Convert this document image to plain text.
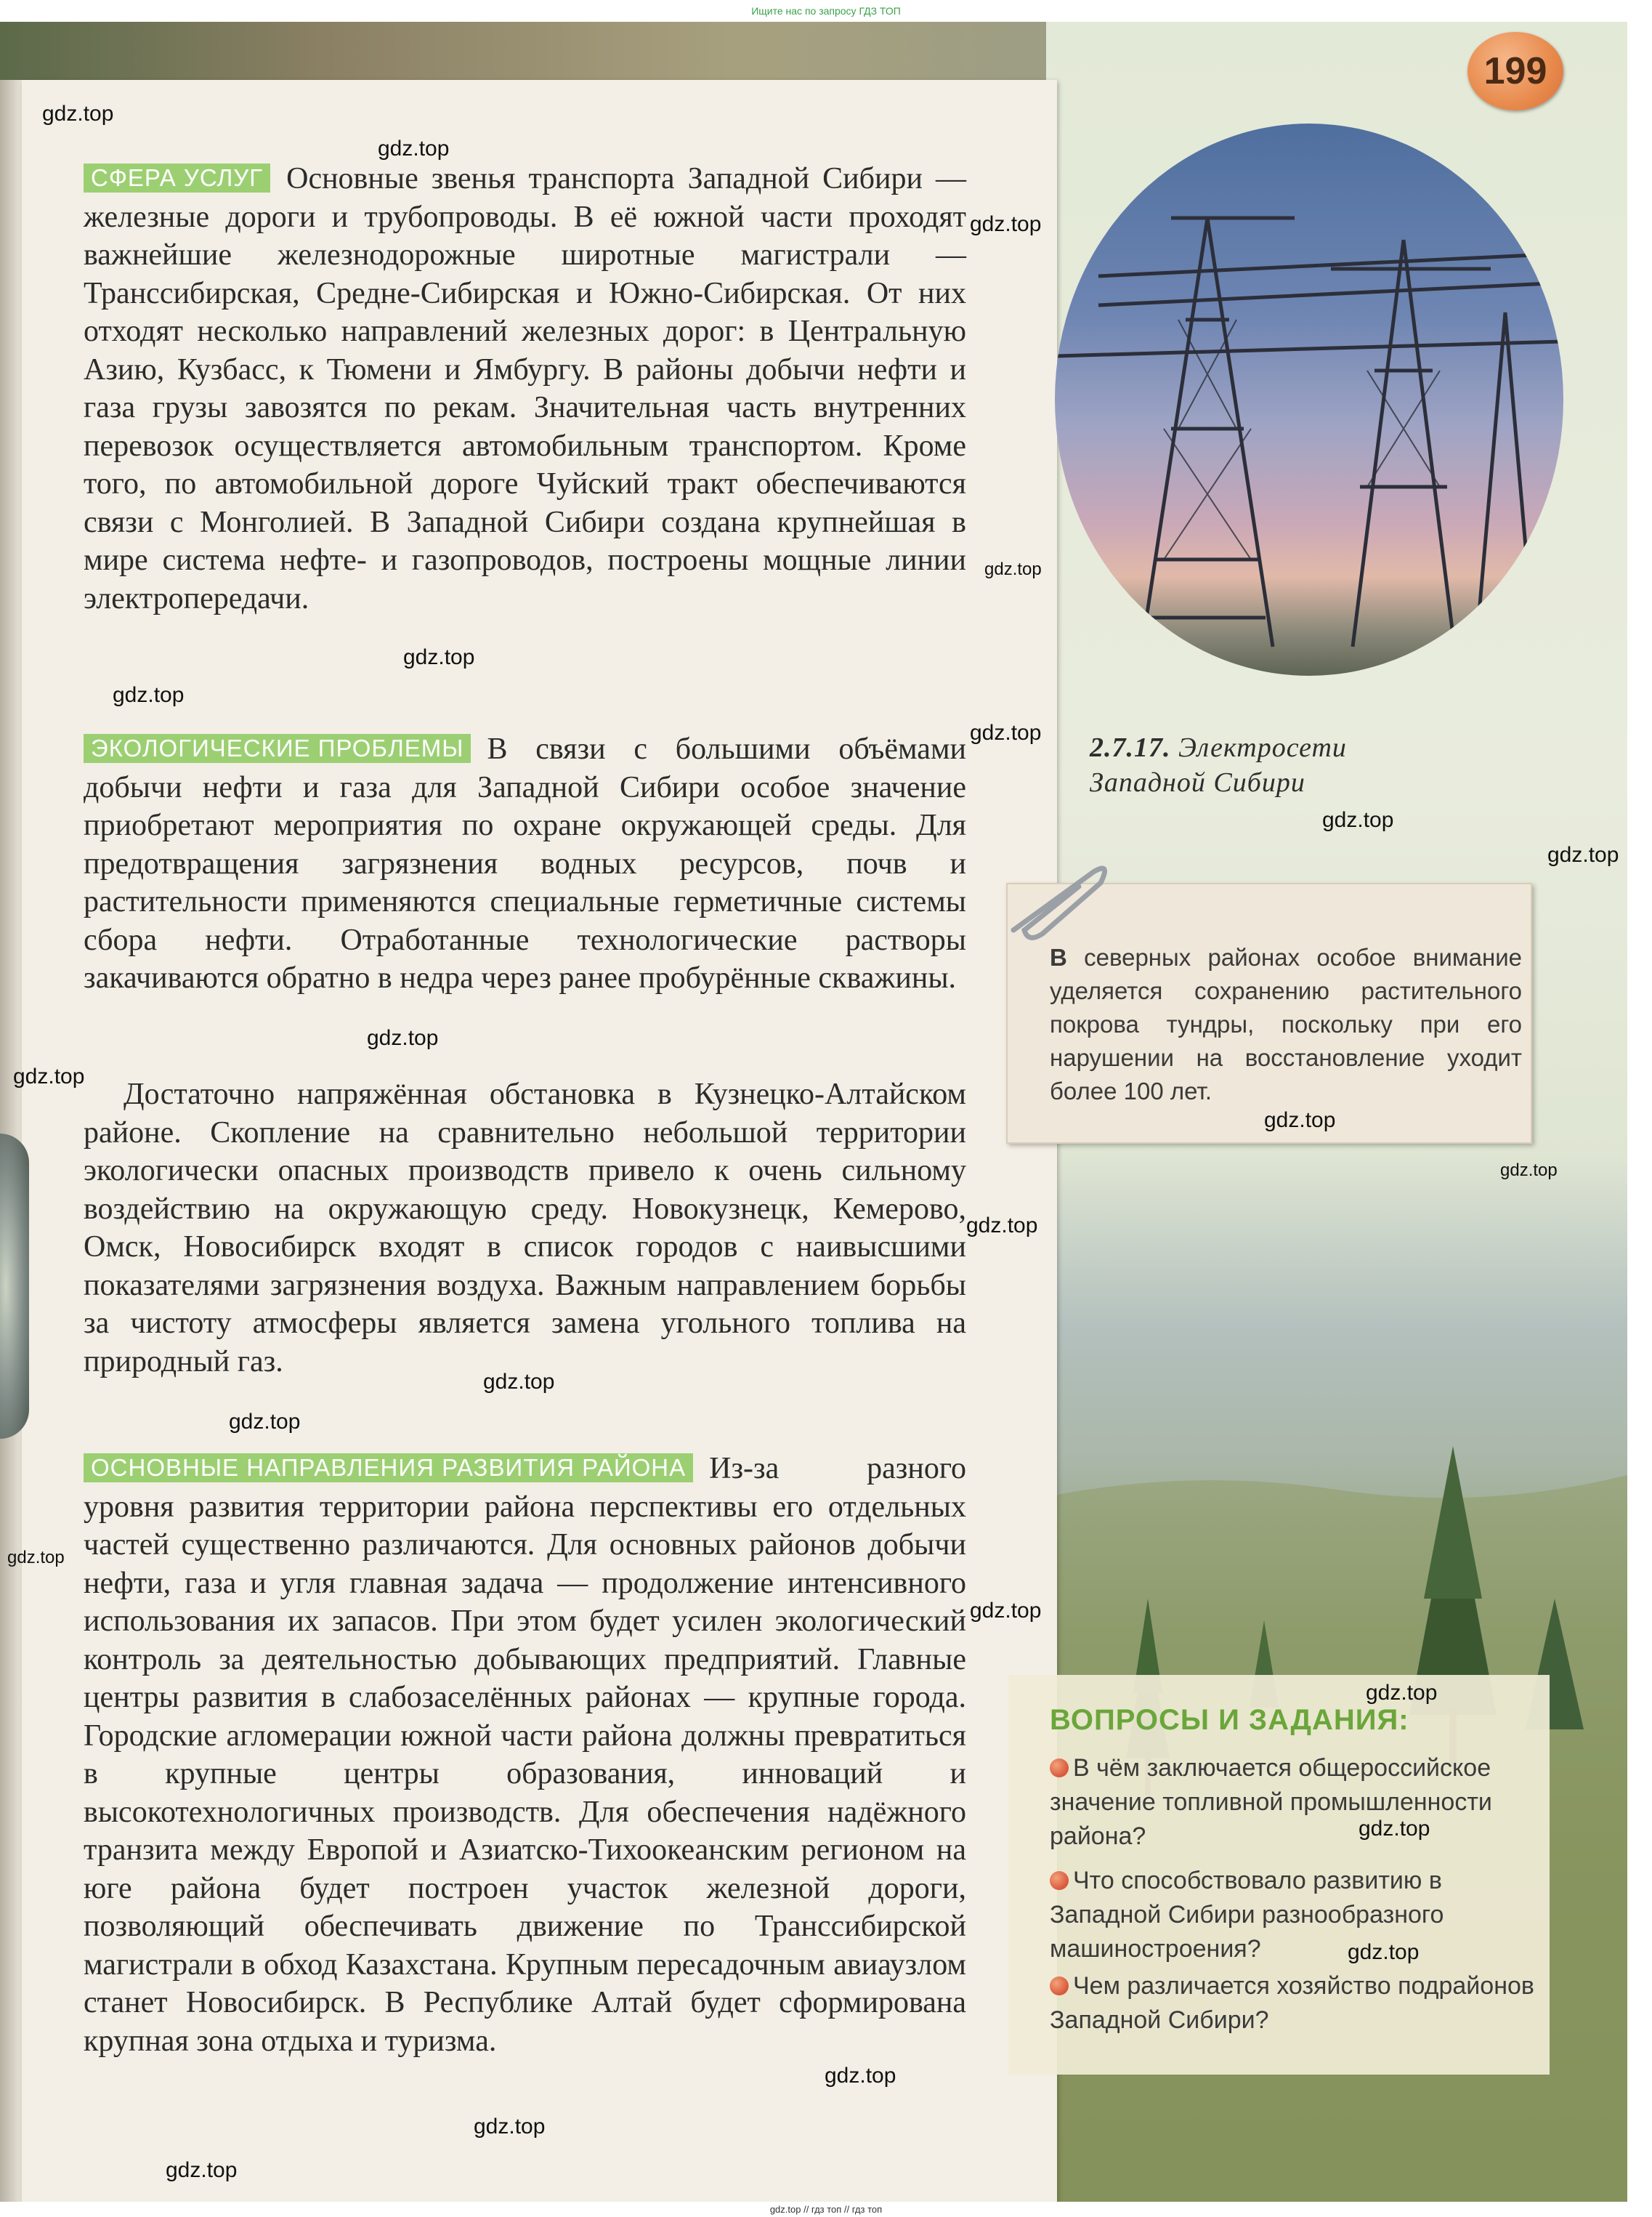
Ищите нас по запросу ГДЗ ТОП
199
СФЕРА УСЛУГ Основные звенья транспорта Западной Сибири — железные дороги и трубопроводы. В её южной части проходят важнейшие железнодорожные широтные магистрали — Транссибирская, Средне-Сибирская и Южно-Сибирская. От них отходят несколько направлений железных дорог: в Центральную Азию, Кузбасс, к Тюмени и Ямбургу. В районы добычи нефти и газа грузы завозятся по рекам. Значительная часть внутренних перевозок осуществляется автомобильным транспортом. Кроме того, по автомобильной дороге Чуйский тракт обеспечиваются связи с Монголией. В Западной Сибири создана крупнейшая в мире система нефте- и газопроводов, построены мощные линии электропередачи.
ЭКОЛОГИЧЕСКИЕ ПРОБЛЕМЫ В связи с большими объёмами добычи нефти и газа для Западной Сибири особое значение приобретают мероприятия по охране окружающей среды. Для предотвращения загрязнения водных ресурсов, почв и растительности применяются специальные герметичные системы сбора нефти. Отработанные технологические растворы закачиваются обратно в недра через ранее пробурённые скважины.
Достаточно напряжённая обстановка в Кузнецко-Алтайском районе. Скопление на сравнительно небольшой территории экологически опасных производств привело к очень сильному воздействию на окружающую среду. Новокузнецк, Кемерово, Омск, Новосибирск входят в список городов с наивысшими показателями загрязнения воздуха. Важным направлением борьбы за чистоту атмосферы является замена угольного топлива на природный газ.
ОСНОВНЫЕ НАПРАВЛЕНИЯ РАЗВИТИЯ РАЙОНА Из-за разного уровня развития территории района перспективы его отдельных частей существенно различаются. Для основных районов добычи нефти, газа и угля главная задача — продолжение интенсивного использования их запасов. При этом будет усилен экологический контроль за деятельностью добывающих предприятий. Главные центры развития в слабозаселённых районах — крупные города. Городские агломерации южной части района должны превратиться в крупные центры образования, инноваций и высокотехнологичных производств. Для обеспечения надёжного транзита между Европой и Азиатско-Тихоокеанским регионом на юге района будет построен участок железной дороги, позволяющий обеспечивать движение по Транссибирской магистрали в обход Казахстана. Крупным пересадочным авиаузлом станет Новосибирск. В Республике Алтай будет сформирована крупная зона отдыха и туризма.
2.7.17. Электросети
Западной Сибири
В северных районах особое внимание уделяется сохранению растительного покрова тундры, поскольку при его нарушении на восстановление уходит более 100 лет.
ВОПРОСЫ И ЗАДАНИЯ:
В чём заключается общероссийское значение топливной промышленности района?
Что способствовало развитию в Западной Сибири разнообразного машиностроения?
Чем различается хозяйство подрайонов Западной Сибири?
gdz.top
gdz.top
gdz.top
gdz.top
gdz.top
gdz.top
gdz.top
gdz.top
gdz.top
gdz.top
gdz.top
gdz.top
gdz.top
gdz.top
gdz.top
gdz.top
gdz.top
gdz.top
gdz.top
gdz.top
gdz.top
gdz.top
gdz.top
gdz.top
gdz.top // гдз топ // гдз топ
